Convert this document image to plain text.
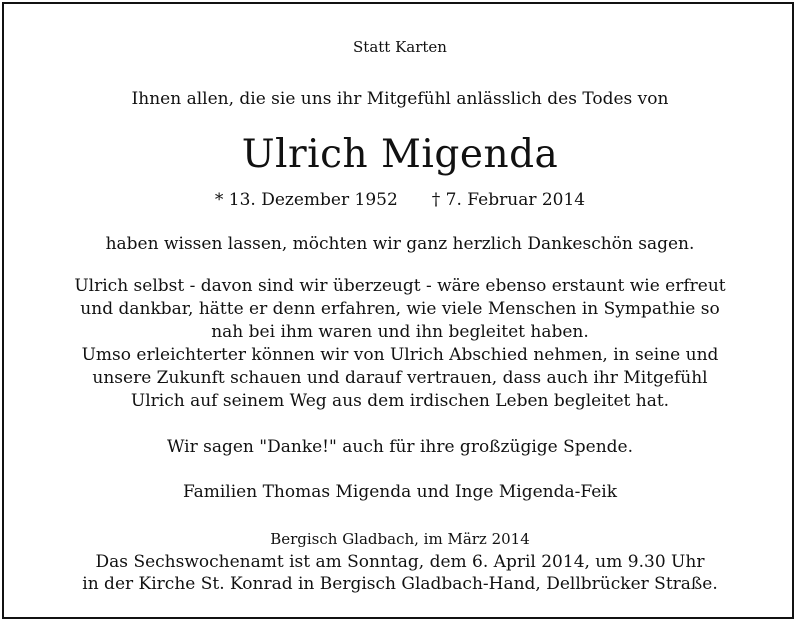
Statt Karten
Ihnen allen, die sie uns ihr Mitgefühl anlässlich des Todes von
Ulrich Migenda
* 13. Dezember 1952 † 7. Februar 2014
haben wissen lassen, möchten wir ganz herzlich Dankeschön sagen.
Ulrich selbst - davon sind wir überzeugt - wäre ebenso erstaunt wie erfreut
und dankbar, hätte er denn erfahren, wie viele Menschen in Sympathie so
nah bei ihm waren und ihn begleitet haben.
Umso erleichterter können wir von Ulrich Abschied nehmen, in seine und
unsere Zukunft schauen und darauf vertrauen, dass auch ihr Mitgefühl
Ulrich auf seinem Weg aus dem irdischen Leben begleitet hat.
Wir sagen "Danke!" auch für ihre großzügige Spende.
Familien Thomas Migenda und Inge Migenda-Feik
Bergisch Gladbach, im März 2014
Das Sechswochenamt ist am Sonntag, dem 6. April 2014, um 9.30 Uhr
in der Kirche St. Konrad in Bergisch Gladbach-Hand, Dellbrücker Straße.
